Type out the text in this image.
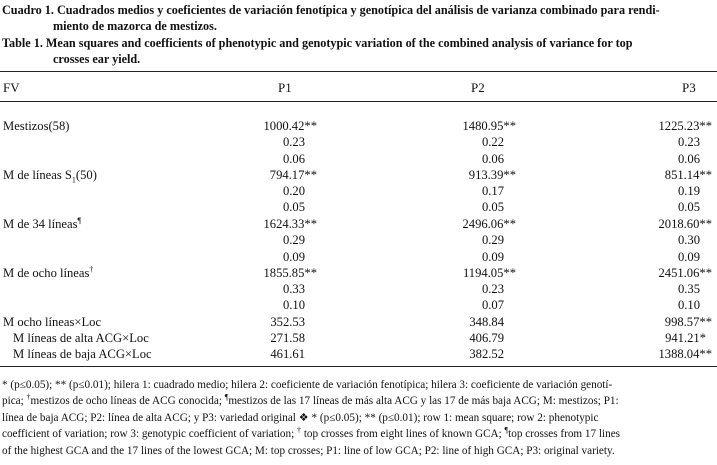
Cuadro 1. Cuadrados medios y coeficientes de variación fenotípica y genotípica del análisis de varianza combinado para rendi-
miento de mazorca de mestizos.
Table 1. Mean squares and coefficients of phenotypic and genotypic variation of the combined analysis of variance for top
crosses ear yield.
FV	P1	P2	P3
Mestizos(58)	1000.42**	1480.95**	1225.23**
0.23	0.22	0.23
0.06	0.06	0.06
M de líneas $S_1(50)$	794.17**	913.39**	851.14**
0.20	0.17	0.19
0.05	0.05	0.05
M de 34 líneas¶	1624.33**	2496.06**	2018.60**
0.29	0.29	0.30
0.09	0.09	0.09
M de ocho líneas†	1855.85**	1194.05**	2451.06**
0.33	0.23	0.35
0.10	0.07	0.10
M ocho líneas×Loc	352.53	348.84	998.57**
M líneas de alta ACG×Loc	271.58	406.79	941.21*
M líneas de baja ACG×Loc	461.61	382.52	1388.04**

* (p≤0.05); ** (p≤0.01); hilera 1: cuadrado medio; hilera 2: coeficiente de variación fenotípica; hilera 3: coeficiente de variación genotí-

pica; †mestizos de ocho líneas de ACG conocida; ¶mestizos de las 17 líneas de más alta ACG y las 17 de más baja ACG; M: mestizos; P1:

línea de baja ACG; P2: línea de alta ACG; y P3: variedad original ❖ * (p≤0.05); ** (p≤0.01); row 1: mean square; row 2: phenotypic

coefficient of variation; row 3: genotypic coefficient of variation; † top crosses from eight lines of known GCA; ¶top crosses from 17 lines

of the highest GCA and the 17 lines of the lowest GCA; M: top crosses; P1: line of low GCA; P2: line of high GCA; P3: original variety.
